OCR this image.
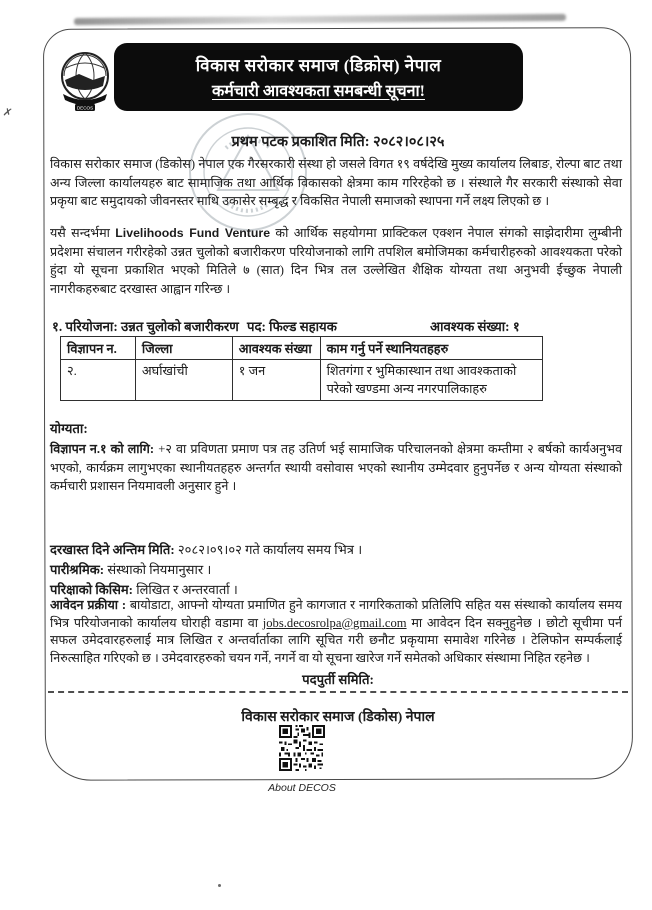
✗	DECOS
विकास सरोकार समाज (डिक्रोस) नेपाल
कर्मचारी आवश्यकता समबन्धी सूचना!
प्रथम पटक प्रकाशित मिति: २०८२।०८।२५
विकास सरोकार समाज (डिकोस) नेपाल एक गैरसरकारी संस्था हो जसले विगत १९ वर्षदेखि मुख्य कार्यालय लिबाङ, रोल्पा बाट तथा अन्य जिल्ला कार्यालयहरु बाट सामाजिक तथा आर्थिक विकासको क्षेत्रमा काम गरिरहेको छ । संस्थाले गैर सरकारी संस्थाको सेवा प्रकृया बाट समुदायको जीवनस्तर माथि उकासेर सम्बृद्ध र विकसित नेपाली समाजको स्थापना गर्ने लक्ष्य लिएको छ ।
यसै सन्दर्भमा Livelihoods Fund Venture को आर्थिक सहयोगमा प्राक्टिकल एक्शन नेपाल संगको साझेदारीमा लुम्बीनी प्रदेशमा संचालन गरीरहेको उन्नत चुलोको बजारीकरण परियोजनाको लागि तपशिल बमोजिमका कर्मचारीहरुको आवश्यकता परेको हुंदा यो सूचना प्रकाशित भएको मितिले ७ (सात) दिन भित्र तल उल्लेखित शैक्षिक योग्यता तथा अनुभवी ईच्छुक नेपाली नागरीकहरुबाट दरखास्त आह्वान गरिन्छ ।
१. परियोजना: उन्नत चुलोको बजारीकरण पद: फिल्ड सहायक	आवश्यक संख्या: १
विज्ञापन न.	जिल्ला	आवश्यक संख्या	काम गर्नु पर्ने स्थानियतहहरु
२.	अर्घाखांची	१ जन	शितगंगा र भुमिकास्थान तथा आवश्कताको परेको खण्डमा अन्य नगरपालिकाहरु
योग्यता:
विज्ञापन न.१ को लागि: +२ वा प्रविणता प्रमाण पत्र तह उतिर्ण भई सामाजिक परिचालनको क्षेत्रमा कम्तीमा २ बर्षको कार्यअनुभव भएको, कार्यक्रम लागुभएका स्थानीयतहहरु अन्तर्गत स्थायी वसोवास भएको स्थानीय उम्मेदवार हुनुपर्नेछ र अन्य योग्यता संस्थाको कर्मचारी प्रशासन नियमावली अनुसार हुने ।
दरखास्त दिने अन्तिम मिति: २०८२।०९।०२ गते कार्यालय समय भित्र ।
पारीश्रमिक: संस्थाको नियमानुसार ।
परिक्षाको किसिम: लिखित र अन्तरवार्ता ।
आवेदन प्रक्रीया : बायोडाटा, आफ्नो योग्यता प्रमाणित हुने कागजात र नागरिकताको प्रतिलिपि सहित यस संस्थाको कार्यालय समय भित्र परियोजनाको कार्यालय घोराही वडामा वा jobs.decosrolpa@gmail.com मा आवेदन दिन सक्नुहुनेछ । छोटो सूचीमा पर्न सफल उमेदवारहरुलाई मात्र लिखित र अन्तर्वार्ताका लागि सूचित गरी छनौट प्रकृयामा समावेश गरिनेछ । टेलिफोन सम्पर्कलाई निरुत्साहित गरिएको छ । उमेदवारहरुको चयन गर्ने, नगर्ने वा यो सूचना खारेज गर्ने समेतको अधिकार संस्थामा निहित रहनेछ ।
पदपुर्ती समिति:
विकास सरोकार समाज (डिकोस) नेपाल
About DECOS
